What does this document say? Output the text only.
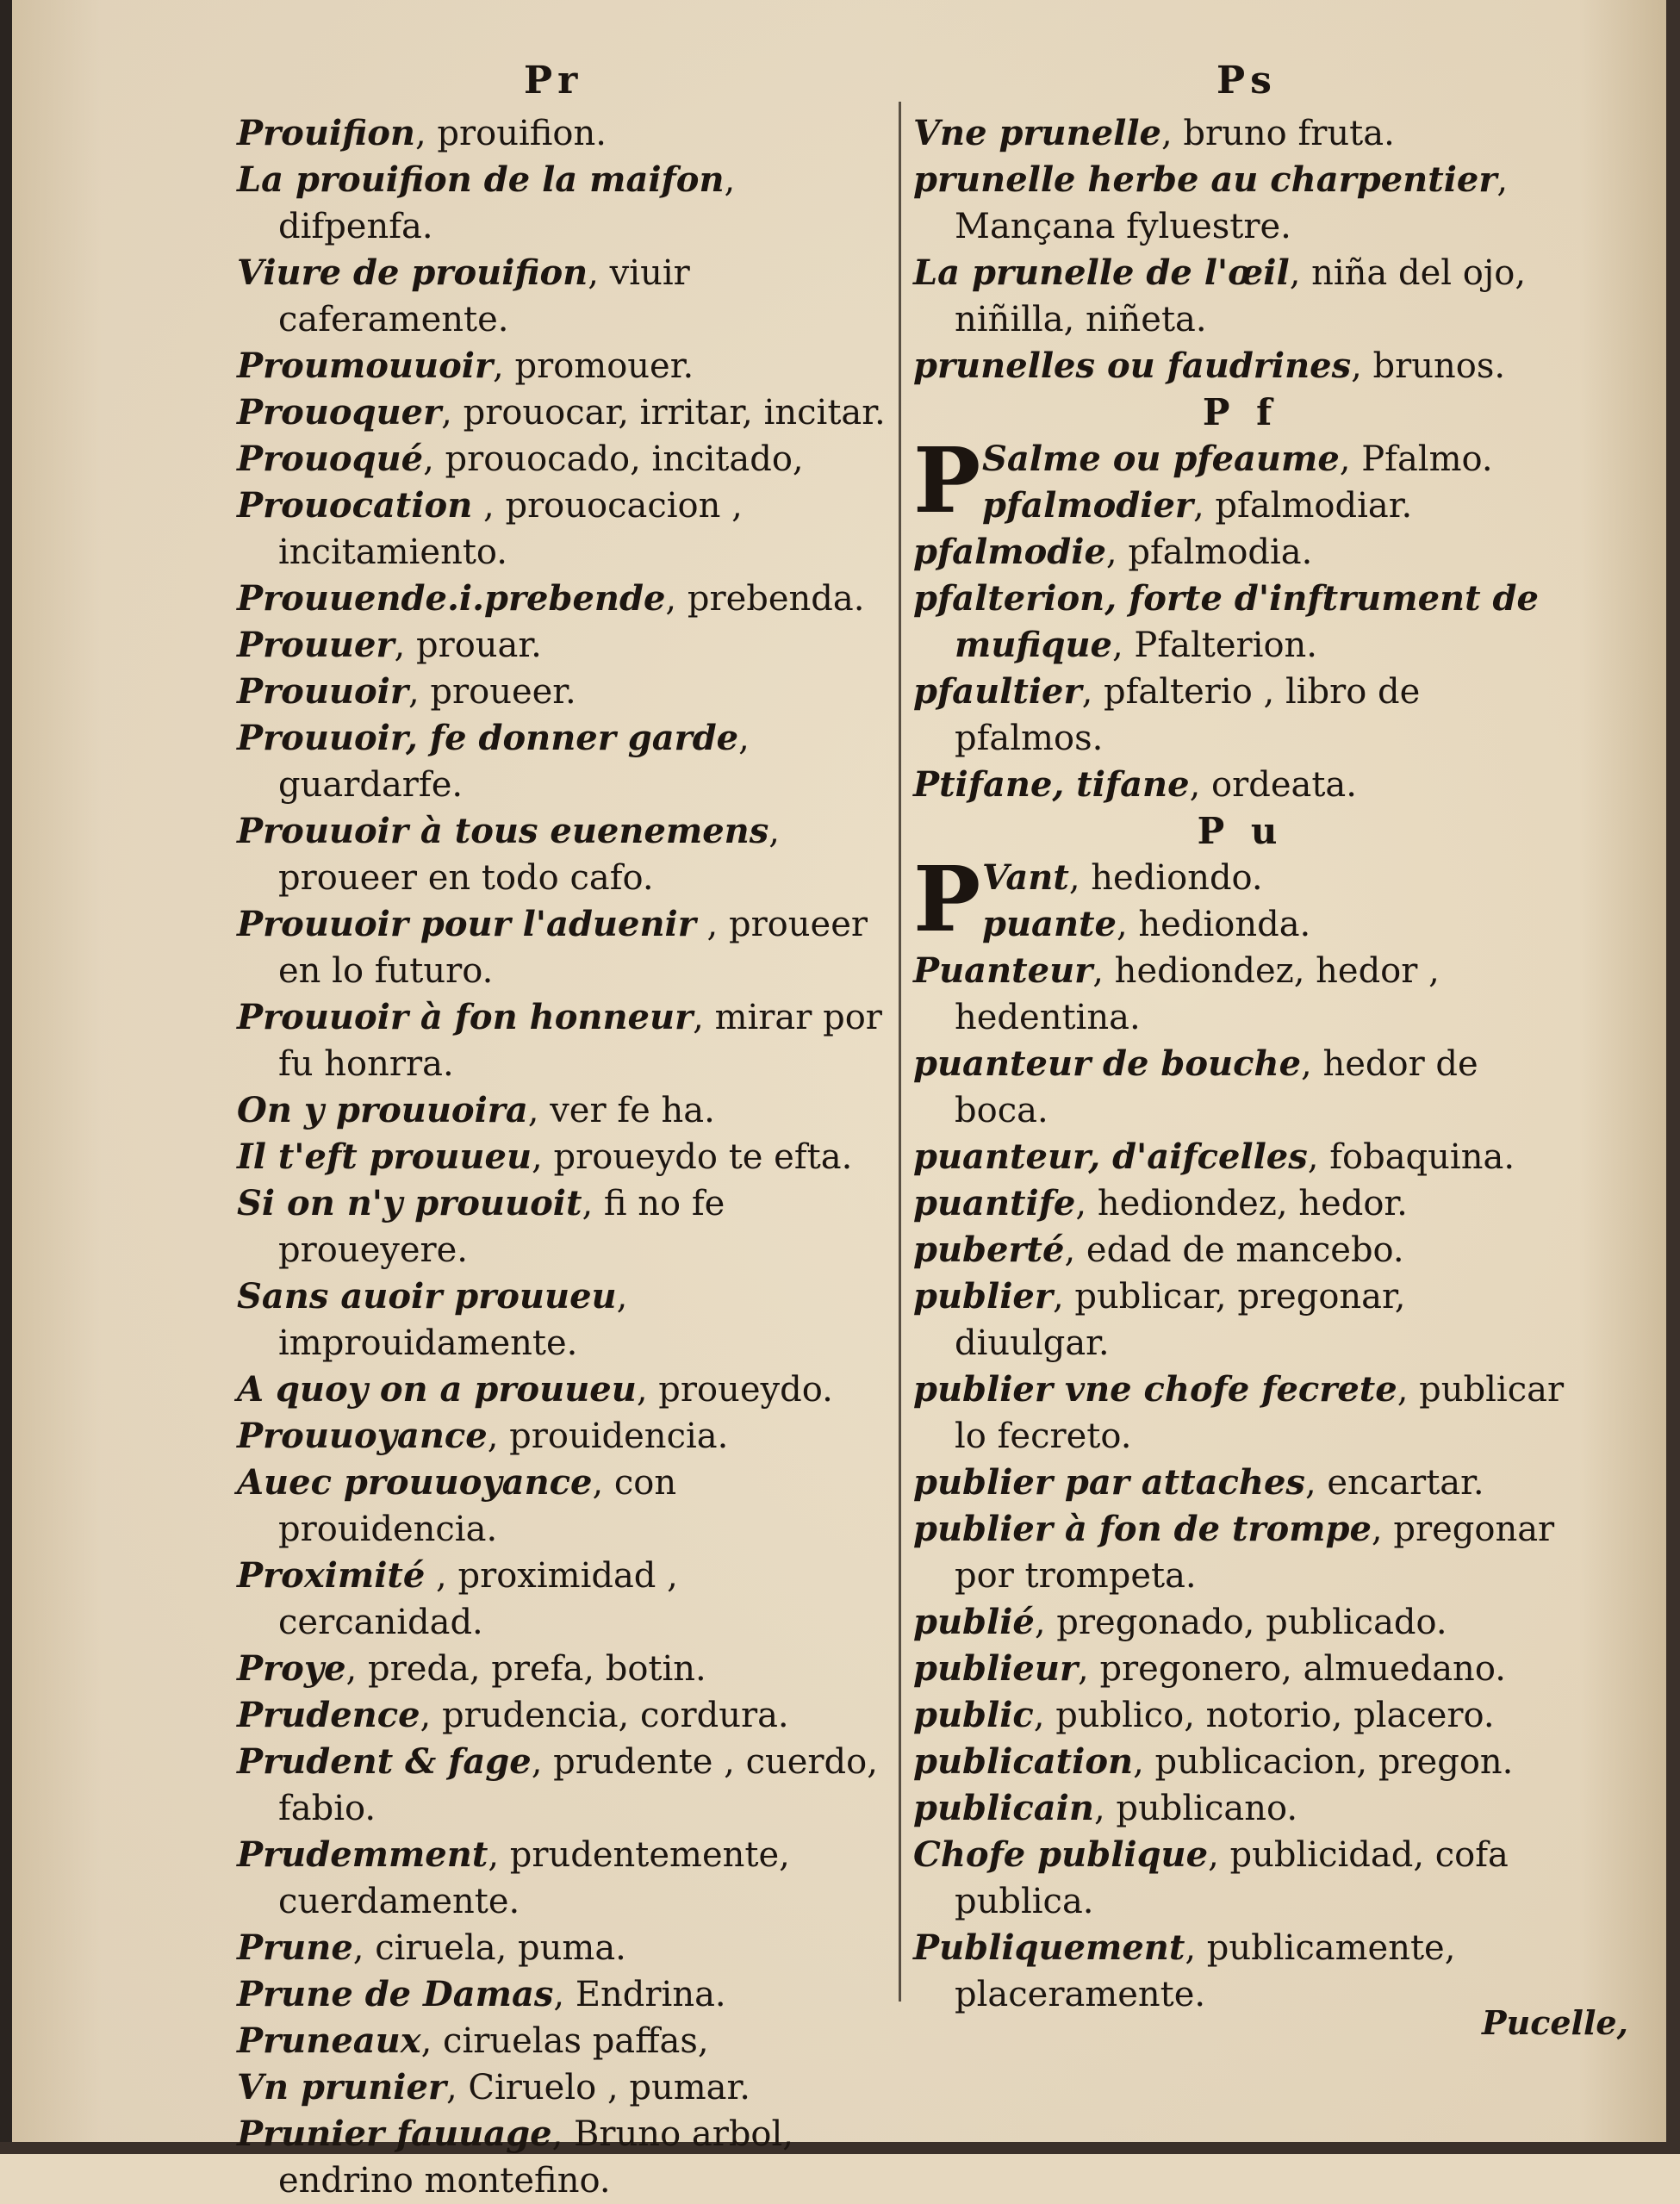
Pr	Ps
Prouifion, prouifion.
La prouifion de la maifon, difpenfa.
Viure de prouifion, viuir caferamente.
Proumouuoir, promouer.
Prouoquer, prouocar, irritar, incitar.
Prouoqué, prouocado, incitado,
Prouocation , prouocacion , incitamiento.
Prouuende.i.prebende, prebenda.
Prouuer, prouar.
Prouuoir, proueer.
Prouuoir, fe donner garde, guardarfe.
Prouuoir à tous euenemens, proueer en todo cafo.
Prouuoir pour l'aduenir , proueer en lo futuro.
Prouuoir à fon honneur, mirar por fu honrra.
On y prouuoira, ver fe ha.
Il t'eft prouueu, proueydo te efta.
Si on n'y prouuoit, fi no fe proueyere.
Sans auoir prouueu, improuidamente.
A quoy on a prouueu, proueydo.
Prouuoyance, prouidencia.
Auec prouuoyance, con prouidencia.
Proximité , proximidad , cercanidad.
Proye, preda, prefa, botin.
Prudence, prudencia, cordura.
Prudent & fage, prudente , cuerdo, fabio.
Prudemment, prudentemente, cuerdamente.
Prune, ciruela, puma.
Prune de Damas, Endrina.
Pruneaux, ciruelas paffas,
Vn prunier, Ciruelo , pumar.
Prunier fauuage, Bruno arbol, endrino montefino.
Vne prunelle, bruno fruta.
prunelle herbe au charpentier, Mançana fyluestre.
La prunelle de l'œil, niña del ojo, niñilla, niñeta.
prunelles ou faudrines, brunos.
P f
P Salme ou pfeaume, Pfalmo.
pfalmodier, pfalmodiar.
pfalmodie, pfalmodia.
pfalterion, forte d'inftrument de mufique, Pfalterion.
pfaultier, pfalterio , libro de pfalmos.
Ptifane, tifane, ordeata.
P u
P Vant, hediondo.
puante, hedionda.
Puanteur, hediondez, hedor , hedentina.
puanteur de bouche, hedor de boca.
puanteur, d'aifcelles, fobaquina.
puantife, hediondez, hedor.
puberté, edad de mancebo.
publier, publicar, pregonar, diuulgar.
publier vne chofe fecrete, publicar lo fecreto.
publier par attaches, encartar.
publier à fon de trompe, pregonar por trompeta.
publié, pregonado, publicado.
publieur, pregonero, almuedano.
public, publico, notorio, placero.
publication, publicacion, pregon.
publicain, publicano.
Chofe publique, publicidad, cofa publica.
Publiquement, publicamente, placeramente.
Pucelle,
